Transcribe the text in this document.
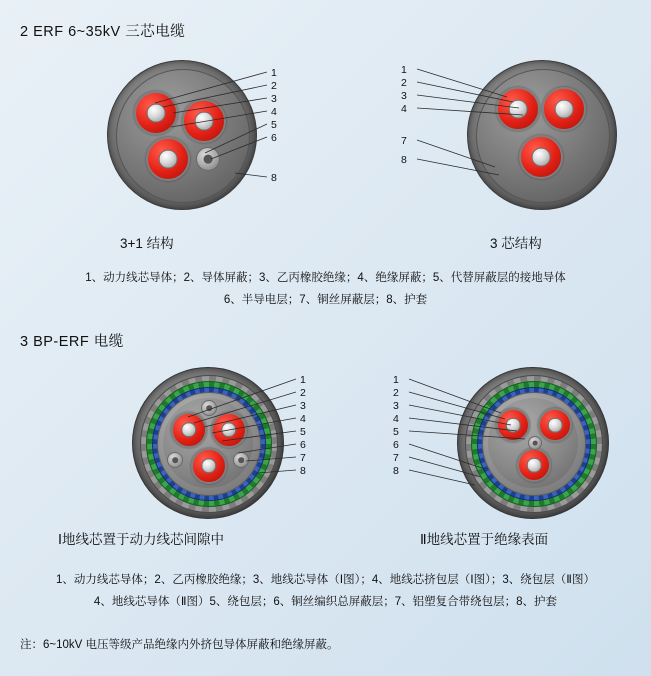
2 ERF 6~35kV 三芯电缆
1
2
3
4
5
6
8
3+1 结构
1
2
3
4
7
8
3 芯结构
1、动力线芯导体；2、导体屏蔽；3、乙丙橡胶绝缘；4、绝缘屏蔽；5、代替屏蔽层的接地导体
6、半导电层；7、铜丝屏蔽层；8、护套
3 BP-ERF 电缆
1
2
3
4
5
6
7
8
Ⅰ地线芯置于动力线芯间隙中
1
2
3
4
5
6
7
8
Ⅱ地线芯置于绝缘表面
1、动力线芯导体；2、乙丙橡胶绝缘；3、地线芯导体（Ⅰ图）；4、地线芯挤包层（Ⅰ图）；3、绕包层（Ⅱ图）
4、地线芯导体（Ⅱ图）5、绕包层；6、铜丝编织总屏蔽层；7、铝塑复合带绕包层；8、护套
注：6~10kV 电压等级产品绝缘内外挤包导体屏蔽和绝缘屏蔽。
